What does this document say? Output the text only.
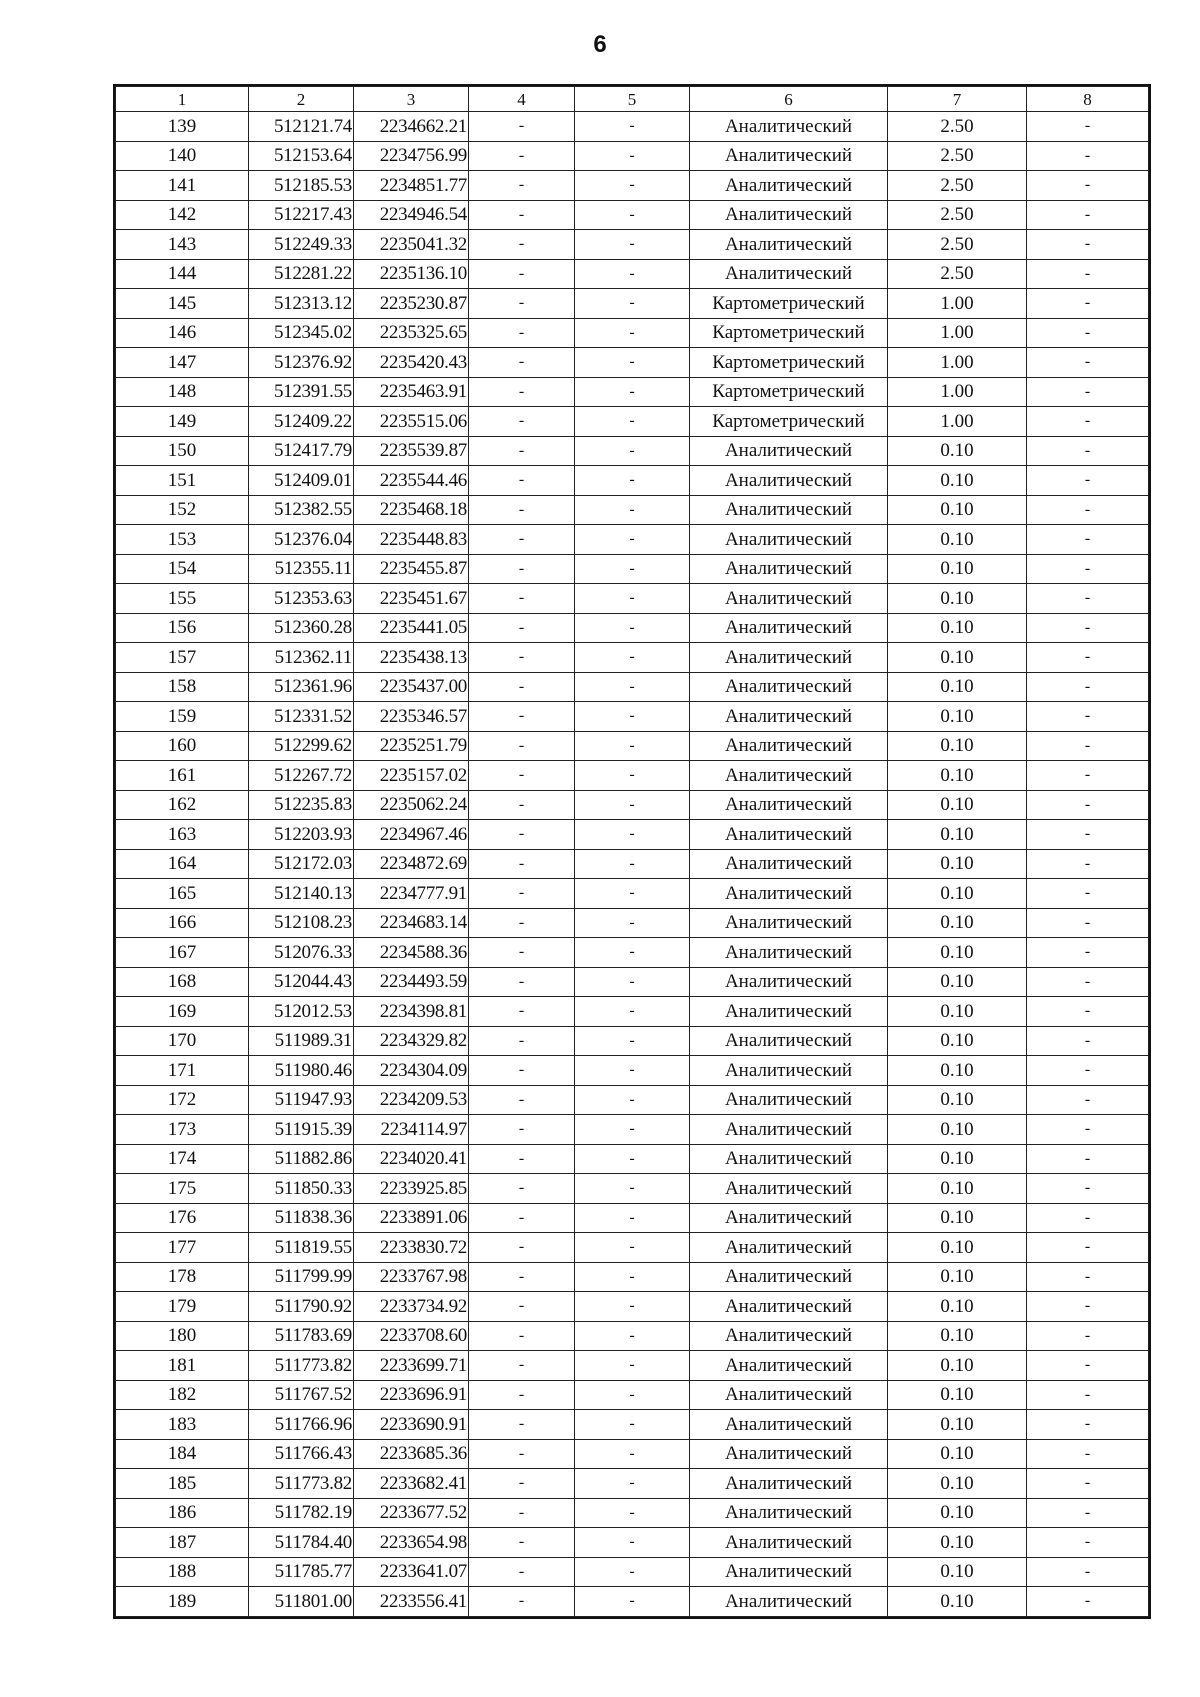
6
1	2	3	4	5	6	7	8
139	512121.74	2234662.21	-	-	Аналитический	2.50	-
140	512153.64	2234756.99	-	-	Аналитический	2.50	-
141	512185.53	2234851.77	-	-	Аналитический	2.50	-
142	512217.43	2234946.54	-	-	Аналитический	2.50	-
143	512249.33	2235041.32	-	-	Аналитический	2.50	-
144	512281.22	2235136.10	-	-	Аналитический	2.50	-
145	512313.12	2235230.87	-	-	Картометрический	1.00	-
146	512345.02	2235325.65	-	-	Картометрический	1.00	-
147	512376.92	2235420.43	-	-	Картометрический	1.00	-
148	512391.55	2235463.91	-	-	Картометрический	1.00	-
149	512409.22	2235515.06	-	-	Картометрический	1.00	-
150	512417.79	2235539.87	-	-	Аналитический	0.10	-
151	512409.01	2235544.46	-	-	Аналитический	0.10	-
152	512382.55	2235468.18	-	-	Аналитический	0.10	-
153	512376.04	2235448.83	-	-	Аналитический	0.10	-
154	512355.11	2235455.87	-	-	Аналитический	0.10	-
155	512353.63	2235451.67	-	-	Аналитический	0.10	-
156	512360.28	2235441.05	-	-	Аналитический	0.10	-
157	512362.11	2235438.13	-	-	Аналитический	0.10	-
158	512361.96	2235437.00	-	-	Аналитический	0.10	-
159	512331.52	2235346.57	-	-	Аналитический	0.10	-
160	512299.62	2235251.79	-	-	Аналитический	0.10	-
161	512267.72	2235157.02	-	-	Аналитический	0.10	-
162	512235.83	2235062.24	-	-	Аналитический	0.10	-
163	512203.93	2234967.46	-	-	Аналитический	0.10	-
164	512172.03	2234872.69	-	-	Аналитический	0.10	-
165	512140.13	2234777.91	-	-	Аналитический	0.10	-
166	512108.23	2234683.14	-	-	Аналитический	0.10	-
167	512076.33	2234588.36	-	-	Аналитический	0.10	-
168	512044.43	2234493.59	-	-	Аналитический	0.10	-
169	512012.53	2234398.81	-	-	Аналитический	0.10	-
170	511989.31	2234329.82	-	-	Аналитический	0.10	-
171	511980.46	2234304.09	-	-	Аналитический	0.10	-
172	511947.93	2234209.53	-	-	Аналитический	0.10	-
173	511915.39	2234114.97	-	-	Аналитический	0.10	-
174	511882.86	2234020.41	-	-	Аналитический	0.10	-
175	511850.33	2233925.85	-	-	Аналитический	0.10	-
176	511838.36	2233891.06	-	-	Аналитический	0.10	-
177	511819.55	2233830.72	-	-	Аналитический	0.10	-
178	511799.99	2233767.98	-	-	Аналитический	0.10	-
179	511790.92	2233734.92	-	-	Аналитический	0.10	-
180	511783.69	2233708.60	-	-	Аналитический	0.10	-
181	511773.82	2233699.71	-	-	Аналитический	0.10	-
182	511767.52	2233696.91	-	-	Аналитический	0.10	-
183	511766.96	2233690.91	-	-	Аналитический	0.10	-
184	511766.43	2233685.36	-	-	Аналитический	0.10	-
185	511773.82	2233682.41	-	-	Аналитический	0.10	-
186	511782.19	2233677.52	-	-	Аналитический	0.10	-
187	511784.40	2233654.98	-	-	Аналитический	0.10	-
188	511785.77	2233641.07	-	-	Аналитический	0.10	-
189	511801.00	2233556.41	-	-	Аналитический	0.10	-
